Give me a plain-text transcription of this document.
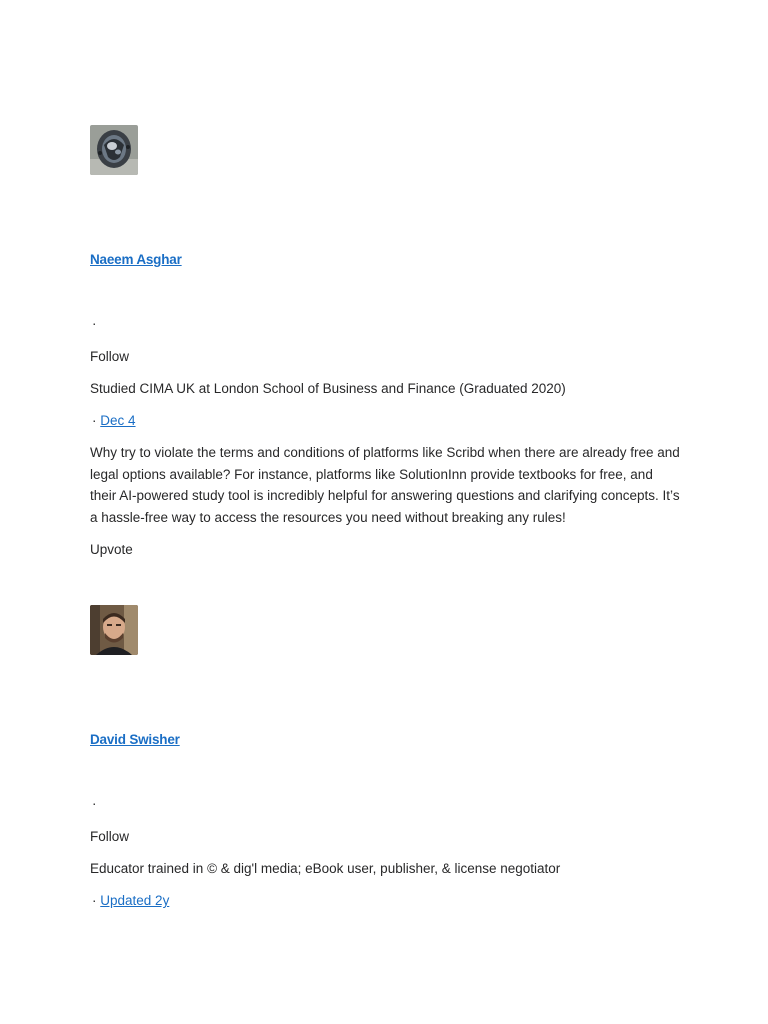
Naeem Asghar
·
Follow
Studied CIMA UK at London School of Business and Finance (Graduated 2020)
· Dec 4
Why try to violate the terms and conditions of platforms like Scribd when there are already free and legal options available? For instance, platforms like SolutionInn provide textbooks for free, and their AI-powered study tool is incredibly helpful for answering questions and clarifying concepts. It’s a hassle-free way to access the resources you need without breaking any rules!
Upvote
David Swisher
·
Follow
Educator trained in © & dig'l media; eBook user, publisher, & license negotiator
· Updated 2y
